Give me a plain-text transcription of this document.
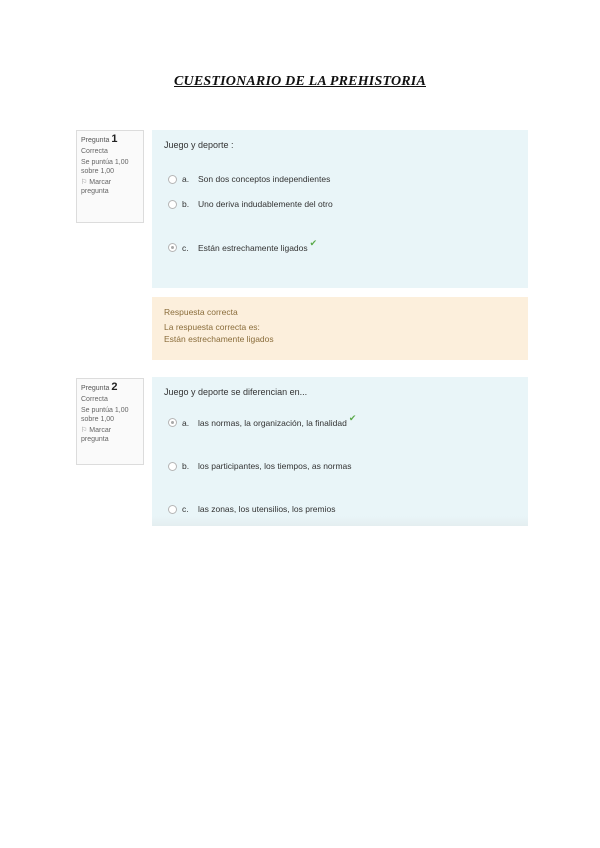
CUESTIONARIO DE LA PREHISTORIA
Pregunta 1
Correcta
Se puntúa 1,00 sobre 1,00
⚐ Marcar pregunta
Juego y deporte :
a.	Son dos conceptos independientes
b.	Uno deriva indudablemente del otro
c.	Están estrechamente ligados ✔
Respuesta correcta
La respuesta correcta es:
Están estrechamente ligados
Pregunta 2
Correcta
Se puntúa 1,00 sobre 1,00
⚐ Marcar pregunta
Juego y deporte se diferencian en...
a.	las normas, la organización, la finalidad ✔
b.	los participantes, los tiempos, as normas
c.	las zonas, los utensilios, los premios
